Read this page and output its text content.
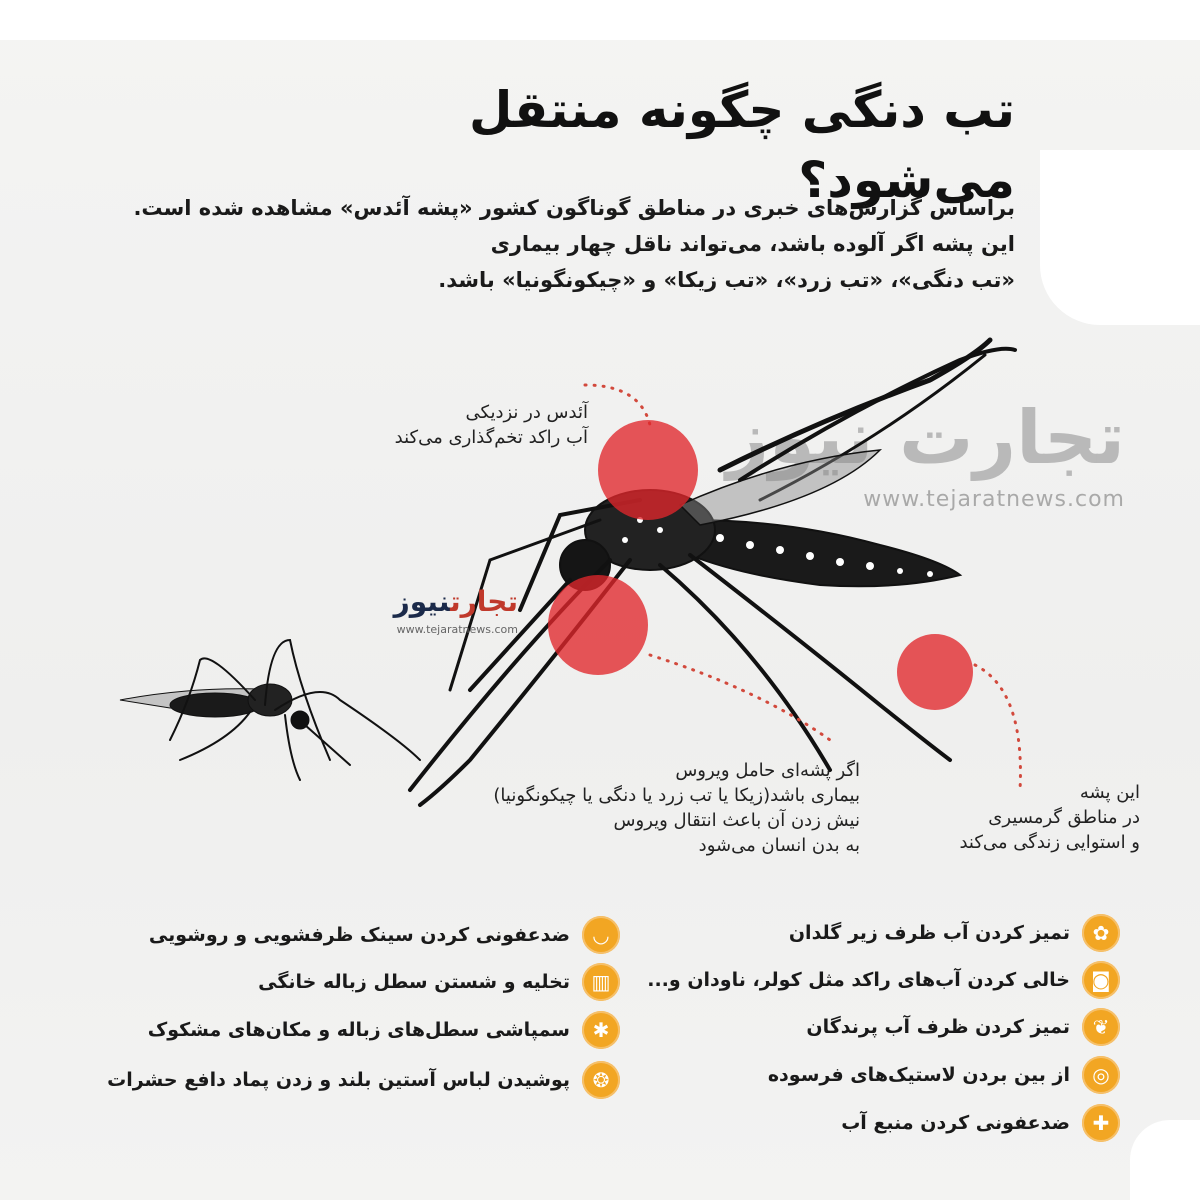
تب دنگی چگونه منتقل می‌شود؟
براساس گزارش‌های خبری در مناطق گوناگون کشور «پشه آئدس» مشاهده شده است.
این پشه اگر آلوده باشد، می‌تواند ناقل چهار بیماری
«تب دنگی»، «تب زرد»، «تب زیکا» و «چیکونگونیا» باشد.
تجارت نیوز
www.tejaratnews.com
تجارتنیوز
www.tejaratnews.com
آئدس در نزدیکی
آب راکد تخم‌گذاری می‌کند
اگر پشه‌ای حامل ویروس
بیماری باشد(زیکا یا تب زرد یا دنگی یا چیکونگونیا)
نیش زدن آن باعث انتقال ویروس
به بدن انسان می‌شود
این پشه
در مناطق گرمسیری
و استوایی زندگی می‌کند
✿
تمیز کردن آب ظرف زیر گلدان
◙
خالی کردن آب‌های راکد مثل کولر، ناودان و...
❦
تمیز کردن ظرف آب پرندگان
◎
از بین بردن لاستیک‌های فرسوده
✚
ضدعفونی کردن منبع آب
◡
ضدعفونی کردن سینک ظرفشویی و روشویی
▥
تخلیه و شستن سطل زباله خانگی
✱
سمپاشی سطل‌های زباله و مکان‌های مشکوک
❂
پوشیدن لباس آستین بلند و زدن پماد دافع حشرات
